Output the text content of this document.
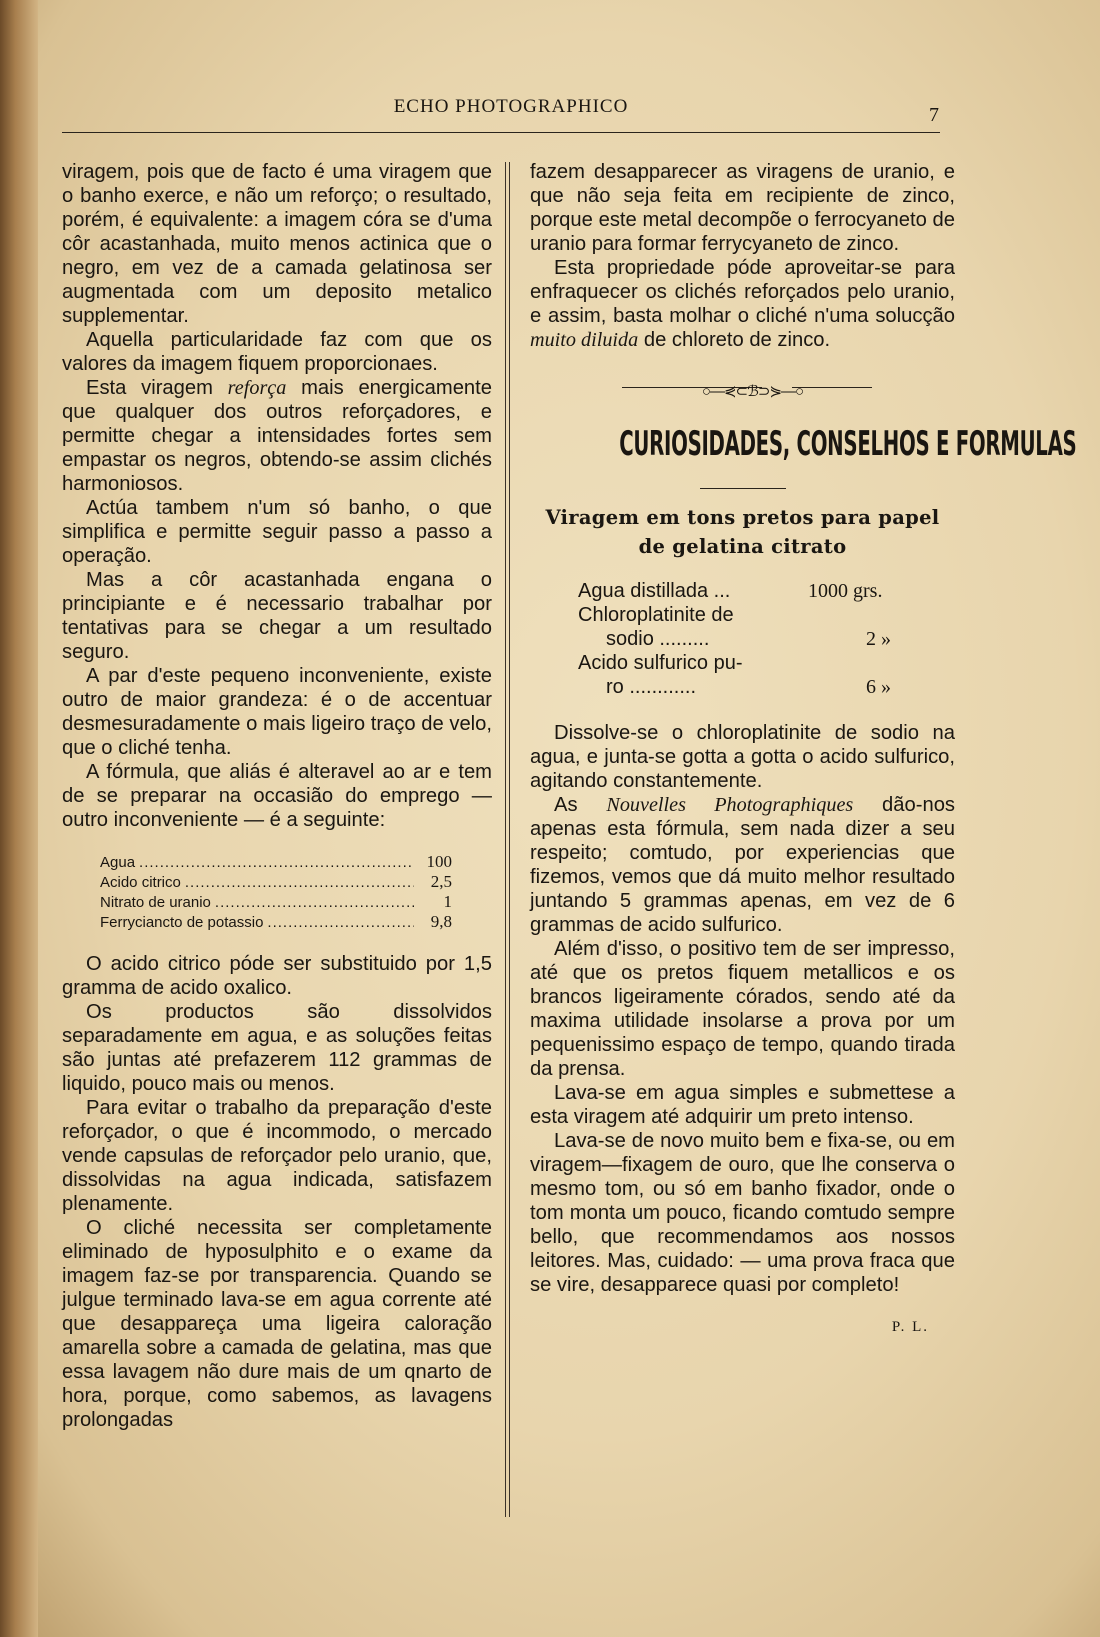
ECHO PHOTOGRAPHICO	7

viragem, pois que de facto é uma viragem que o banho exerce, e não um reforço; o resultado, porém, é equivalente: a imagem córa se d'uma côr acastanhada, muito menos actinica que o negro, em vez de a camada gelatinosa ser augmentada com um deposito metalico supplementar.

Aquella particularidade faz com que os valores da imagem fiquem proporcionaes.

Esta viragem reforça mais energicamente que qualquer dos outros reforçadores, e permitte chegar a intensidades fortes sem empastar os negros, obtendo-se assim clichés harmoniosos.

Actúa tambem n'um só banho, o que simplifica e permitte seguir passo a passo a operação.

Mas a côr acastanhada engana o principiante e é necessario trabalhar por tentativas para se chegar a um resultado seguro.

A par d'este pequeno inconveniente, existe outro de maior grandeza: é o de accentuar desmesuradamente o mais ligeiro traço de velo, que o cliché tenha.

A fórmula, que aliás é alteravel ao ar e tem de se preparar na occasião do emprego — outro inconveniente — é a seguinte:

Agua .....	100
Acido citrico .....	2,5
Nitrato de uranio .....	1
Ferryciancto de potassio .....	9,8

O acido citrico póde ser substituido por 1,5 gramma de acido oxalico.

Os productos são dissolvidos separadamente em agua, e as soluções feitas são juntas até prefazerem 112 grammas de liquido, pouco mais ou menos.

Para evitar o trabalho da preparação d'este reforçador, o que é incommodo, o mercado vende capsulas de reforçador pelo uranio, que, dissolvidas na agua indicada, satisfazem plenamente.

O cliché necessita ser completamente eliminado de hyposulphito e o exame da imagem faz-se por transparencia. Quando se julgue terminado lava-se em agua corrente até que desappareça uma ligeira caloração amarella sobre a camada de gelatina, mas que essa lavagem não dure mais de um qnarto de hora, porque, como sabemos, as lavagens prolongadas

fazem desapparecer as viragens de uranio, e que não seja feita em recipiente de zinco, porque este metal decompõe o ferrocyaneto de uranio para formar ferrycyaneto de zinco.

Esta propriedade póde aproveitar-se para enfraquecer os clichés reforçados pelo uranio, e assim, basta molhar o cliché n'uma solucção muito diluida de chloreto de zinco.

○—⋞⊂ℬ⊃⋟—○
CURIOSIDADES, CONSELHOS E FORMULAS
Viragem em tons pretos para papel de gelatina citrato
Agua distillada ...	1000 grs.
Chloroplatinite de
sodio .........	2 »
Acido sulfurico pu-
ro ............	6 »

Dissolve-se o chloroplatinite de sodio na agua, e junta-se gotta a gotta o acido sulfurico, agitando constantemente.

As Nouvelles Photographiques dão-nos apenas esta fórmula, sem nada dizer a seu respeito; comtudo, por experiencias que fizemos, vemos que dá muito melhor resultado juntando 5 grammas apenas, em vez de 6 grammas de acido sulfurico.

Além d'isso, o positivo tem de ser impresso, até que os pretos fiquem metallicos e os brancos ligeiramente córados, sendo até da maxima utilidade insolarse a prova por um pequenissimo espaço de tempo, quando tirada da prensa.

Lava-se em agua simples e submettese a esta viragem até adquirir um preto intenso.

Lava-se de novo muito bem e fixa-se, ou em viragem—fixagem de ouro, que lhe conserva o mesmo tom, ou só em banho fixador, onde o tom monta um pouco, ficando comtudo sempre bello, que recommendamos aos nossos leitores. Mas, cuidado: — uma prova fraca que se vire, desapparece quasi por completo!

P. L.
